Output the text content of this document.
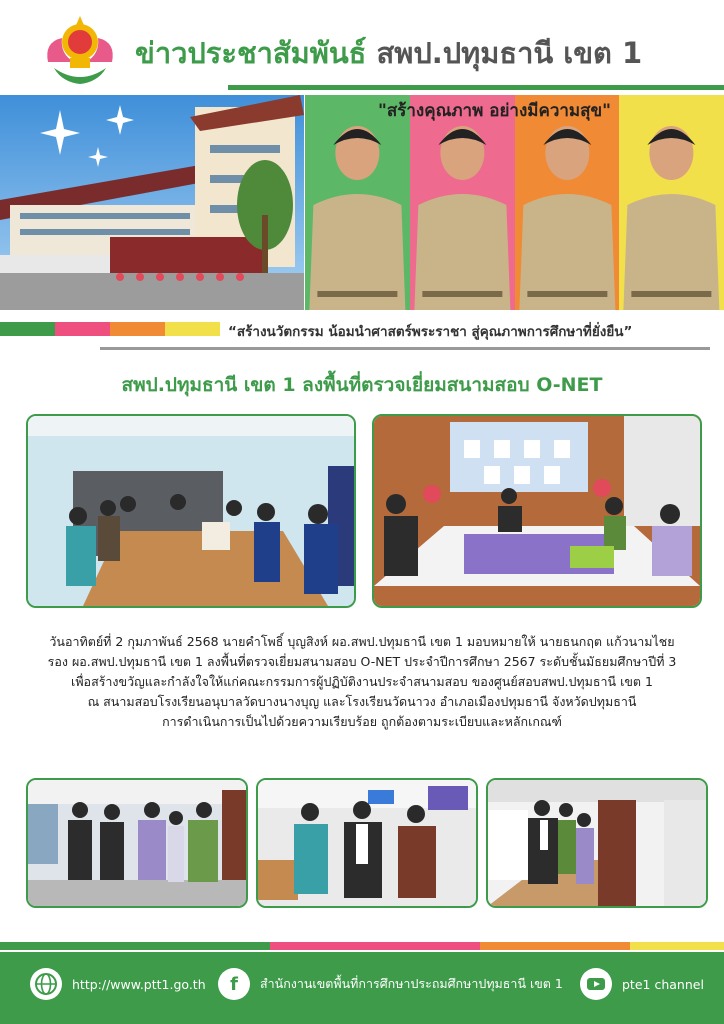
ข่าวประชาสัมพันธ์ สพป.ปทุมธานี เขต 1
"สร้างคุณภาพ อย่างมีความสุข"
“สร้างนวัตกรรม น้อมนำศาสตร์พระราชา สู่คุณภาพการศึกษาที่ยั่งยืน”
สพป.ปทุมธานี เขต 1 ลงพื้นที่ตรวจเยี่ยมสนามสอบ O-NET
วันอาทิตย์ที่ 2 กุมภาพันธ์ 2568 นายคำโพธิ์ บุญสิงห์ ผอ.สพป.ปทุมธานี เขต 1 มอบหมายให้ นายธนกฤต แก้วนามไชย
รอง ผอ.สพป.ปทุมธานี เขต 1 ลงพื้นที่ตรวจเยี่ยมสนามสอบ O-NET ประจำปีการศึกษา 2567 ระดับชั้นมัธยมศึกษาปีที่ 3
เพื่อสร้างขวัญและกำลังใจให้แก่คณะกรรมการผู้ปฏิบัติงานประจำสนามสอบ ของศูนย์สอบสพป.ปทุมธานี เขต 1
ณ สนามสอบโรงเรียนอนุบาลวัดบางนางบุญ และโรงเรียนวัดนาวง อำเภอเมืองปทุมธานี จังหวัดปทุมธานี
การดำเนินการเป็นไปด้วยความเรียบร้อย ถูกต้องตามระเบียบและหลักเกณฑ์
http://www.ptt1.go.th	f	สำนักงานเขตพื้นที่การศึกษาประถมศึกษาปทุมธานี เขต 1	pte1 channel
